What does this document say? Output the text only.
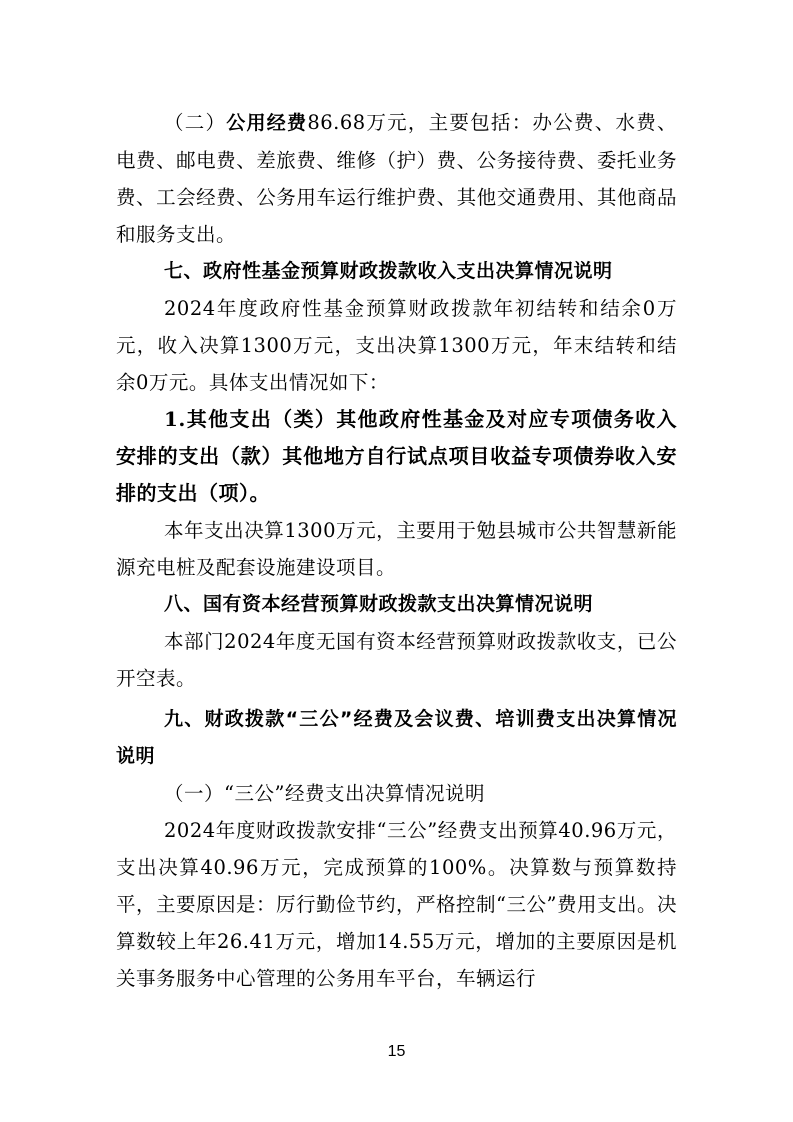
（二）公用经费86.68万元，主要包括：办公费、水费、电费、邮电费、差旅费、维修（护）费、公务接待费、委托业务费、工会经费、公务用车运行维护费、其他交通费用、其他商品和服务支出。

七、政府性基金预算财政拨款收入支出决算情况说明

2024年度政府性基金预算财政拨款年初结转和结余0万元，收入决算1300万元，支出决算1300万元，年末结转和结余0万元。具体支出情况如下：

1.其他支出（类）其他政府性基金及对应专项债务收入安排的支出（款）其他地方自行试点项目收益专项债券收入安排的支出（项）。

本年支出决算1300万元，主要用于勉县城市公共智慧新能源充电桩及配套设施建设项目。

八、国有资本经营预算财政拨款支出决算情况说明

本部门2024年度无国有资本经营预算财政拨款收支，已公开空表。

九、财政拨款“三公”经费及会议费、培训费支出决算情况说明

（一）“三公”经费支出决算情况说明

2024年度财政拨款安排“三公”经费支出预算40.96万元，支出决算40.96万元，完成预算的100%。决算数与预算数持平，主要原因是：厉行勤俭节约，严格控制“三公”费用支出。决算数较上年26.41万元，增加14.55万元，增加的主要原因是机关事务服务中心管理的公务用车平台，车辆运行

15
